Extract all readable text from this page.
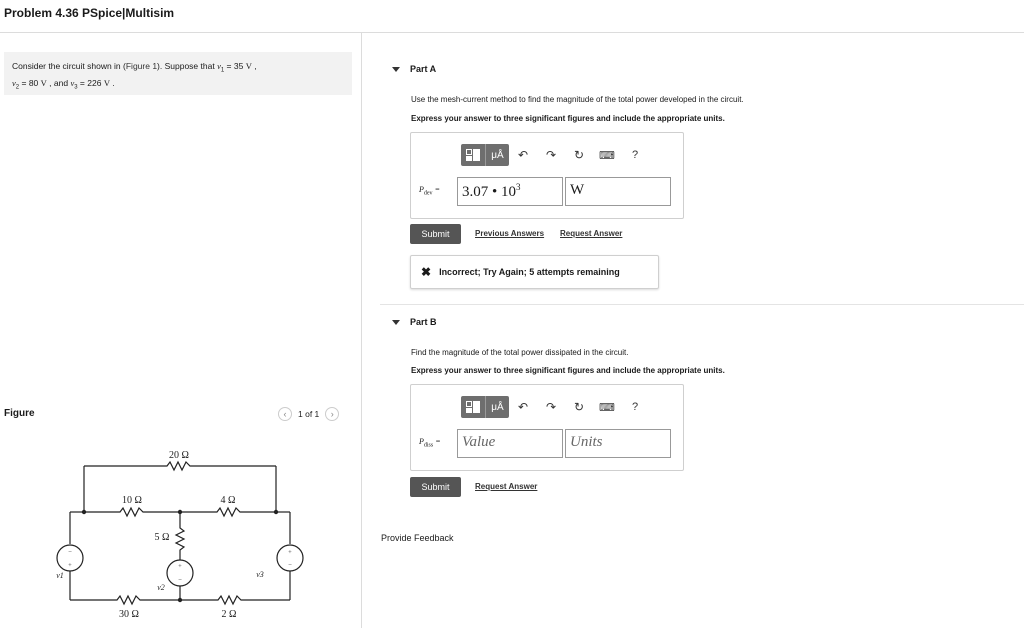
Problem 4.36 PSpice|Multisim
Consider the circuit shown in (Figure 1). Suppose that $v_1 = 35$ V ,
$v_2 = 80$ V , and $v_3 = 226$ V .
Figure	‹	1 of 1	›
−
+	+
−
+
−
20 Ω
10 Ω	4 Ω
5 Ω
30 Ω	2 Ω
v1
v2
v3
Part A
Use the mesh-current method to find the magnitude of the total power developed in the circuit.
Express your answer to three significant figures and include the appropriate units.
μÅ	↶	↷	↻	⌨	?
$P_{dev}$ =	3.07 • $10^3$	W
Submit	Previous Answers Request Answer
✖ Incorrect; Try Again; 5 attempts remaining
Part B
Find the magnitude of the total power dissipated in the circuit.
Express your answer to three significant figures and include the appropriate units.
μÅ	↶	↷	↻	⌨	?
$P_{diss}$ =	Value	Units
Submit	Request Answer
Provide Feedback
